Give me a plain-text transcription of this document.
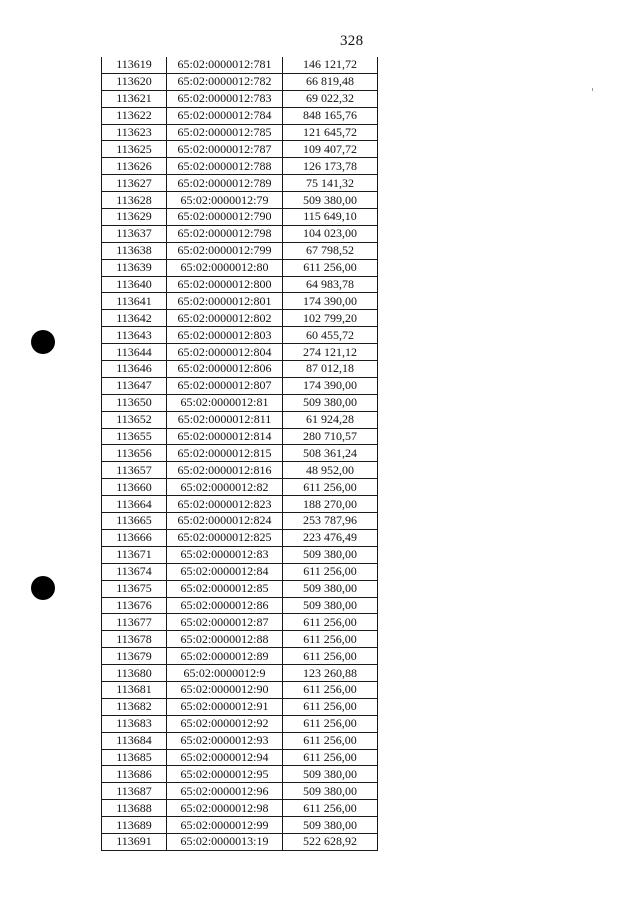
328
113619	65:02:0000012:781	146 121,72
113620	65:02:0000012:782	66 819,48
113621	65:02:0000012:783	69 022,32
113622	65:02:0000012:784	848 165,76
113623	65:02:0000012:785	121 645,72
113625	65:02:0000012:787	109 407,72
113626	65:02:0000012:788	126 173,78
113627	65:02:0000012:789	75 141,32
113628	65:02:0000012:79	509 380,00
113629	65:02:0000012:790	115 649,10
113637	65:02:0000012:798	104 023,00
113638	65:02:0000012:799	67 798,52
113639	65:02:0000012:80	611 256,00
113640	65:02:0000012:800	64 983,78
113641	65:02:0000012:801	174 390,00
113642	65:02:0000012:802	102 799,20
113643	65:02:0000012:803	60 455,72
113644	65:02:0000012:804	274 121,12
113646	65:02:0000012:806	87 012,18
113647	65:02:0000012:807	174 390,00
113650	65:02:0000012:81	509 380,00
113652	65:02:0000012:811	61 924,28
113655	65:02:0000012:814	280 710,57
113656	65:02:0000012:815	508 361,24
113657	65:02:0000012:816	48 952,00
113660	65:02:0000012:82	611 256,00
113664	65:02:0000012:823	188 270,00
113665	65:02:0000012:824	253 787,96
113666	65:02:0000012:825	223 476,49
113671	65:02:0000012:83	509 380,00
113674	65:02:0000012:84	611 256,00
113675	65:02:0000012:85	509 380,00
113676	65:02:0000012:86	509 380,00
113677	65:02:0000012:87	611 256,00
113678	65:02:0000012:88	611 256,00
113679	65:02:0000012:89	611 256,00
113680	65:02:0000012:9	123 260,88
113681	65:02:0000012:90	611 256,00
113682	65:02:0000012:91	611 256,00
113683	65:02:0000012:92	611 256,00
113684	65:02:0000012:93	611 256,00
113685	65:02:0000012:94	611 256,00
113686	65:02:0000012:95	509 380,00
113687	65:02:0000012:96	509 380,00
113688	65:02:0000012:98	611 256,00
113689	65:02:0000012:99	509 380,00
113691	65:02:0000013:19	522 628,92
